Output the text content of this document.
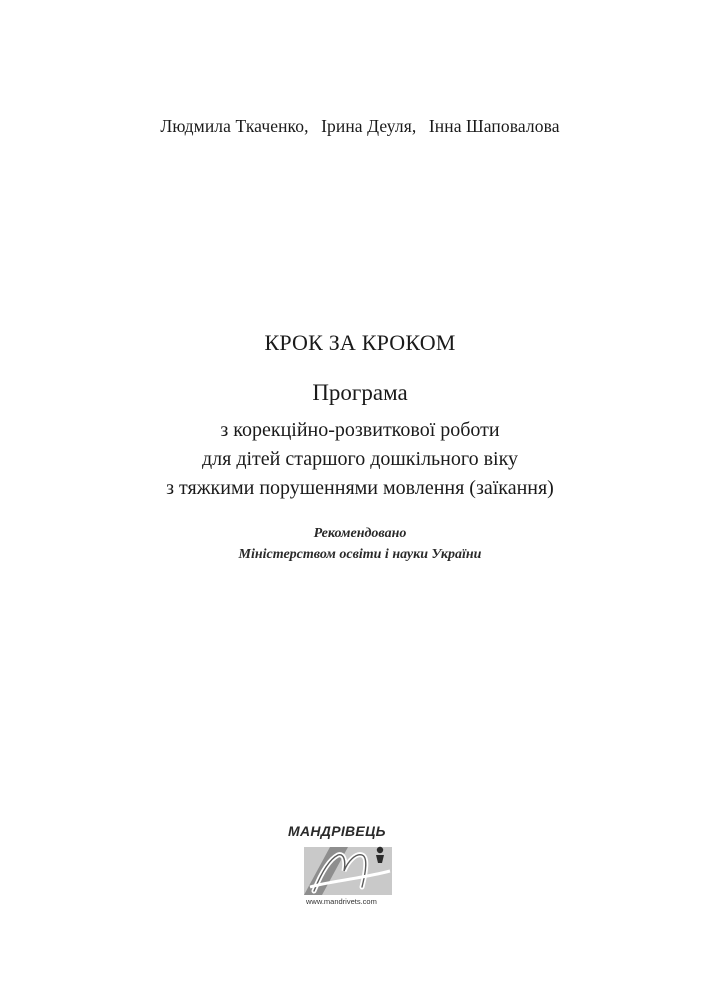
Людмила Ткаченко, Ірина Деуля, Інна Шаповалова
КРОК ЗА КРОКОМ
Програма
з корекційно-розвиткової роботи
для дітей старшого дошкільного віку
з тяжкими порушеннями мовлення (заїкання)
Рекомендовано
Міністерством освіти і науки України
МАНДРІВЕЦЬ
www.mandrivets.com
